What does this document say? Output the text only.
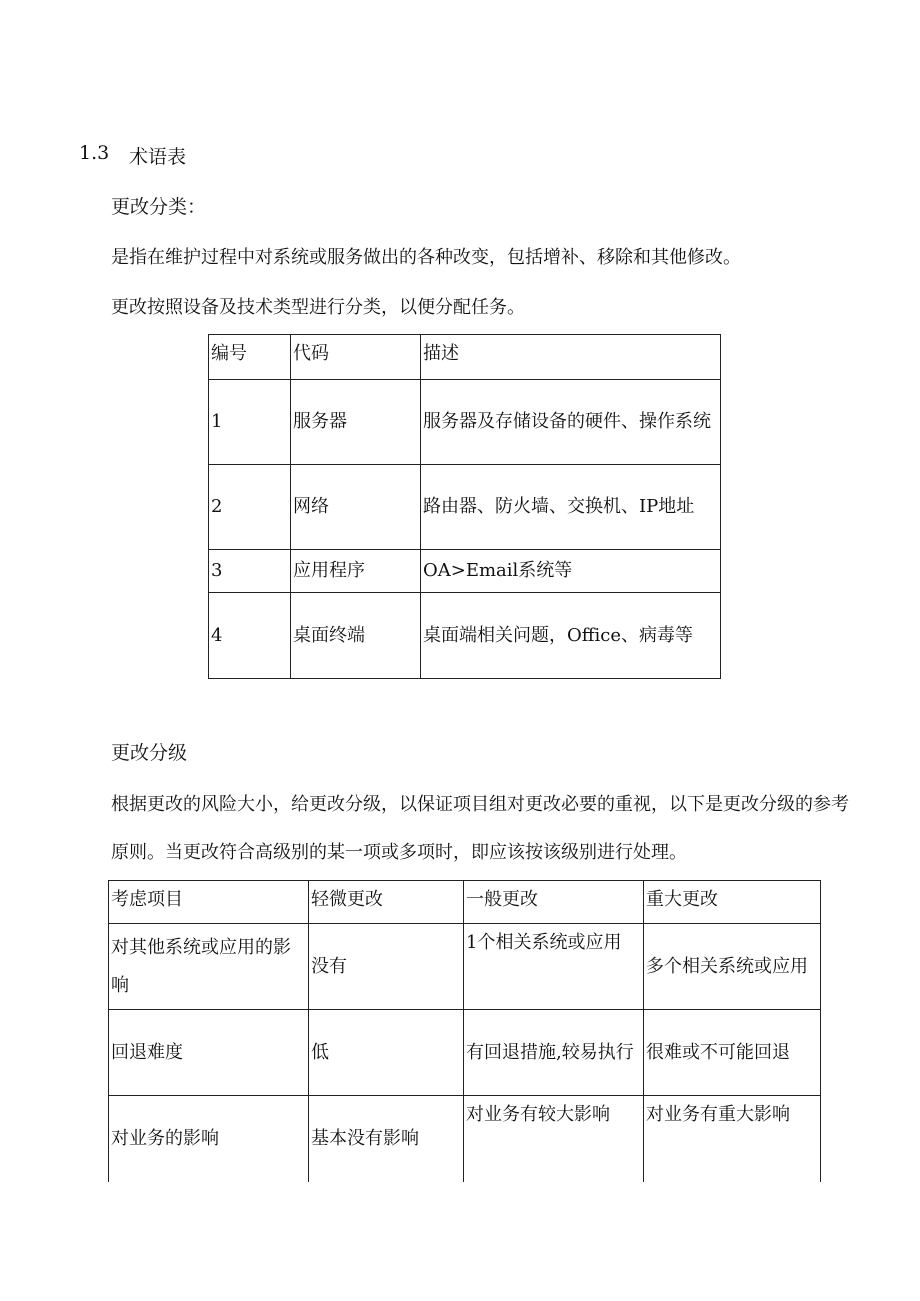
1.3 术语表
更改分类：
是指在维护过程中对系统或服务做出的各种改变，包括增补、移除和其他修改。
更改按照设备及技术类型进行分类，以便分配任务。
编号	代码	描述
1	服务器	服务器及存储设备的硬件、操作系统
2	网络	路由器、防火墙、交换机、IP地址
3	应用程序	OA>Email系统等
4	桌面终端	桌面端相关问题，Office、病毒等
更改分级
根据更改的风险大小，给更改分级，以保证项目组对更改必要的重视，以下是更改分级的参考原则。当更改符合高级别的某一项或多项时，即应该按该级别进行处理。
考虑项目	轻微更改	一般更改	重大更改
对其他系统或应用的影响	没有	1个相关系统或应用	多个相关系统或应用
回退难度	低	有回退措施,较易执行	很难或不可能回退
对业务的影响	基本没有影响	对业务有较大影响	对业务有重大影响
